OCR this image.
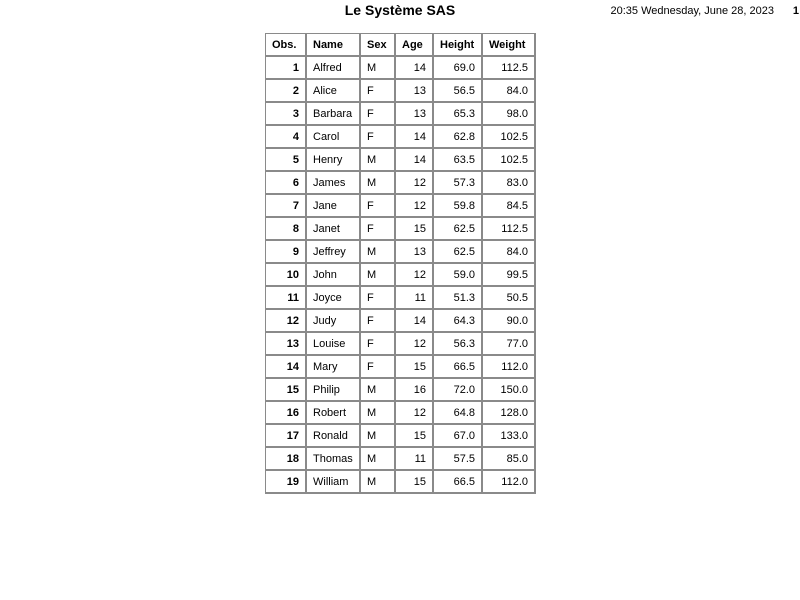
Le Système SAS	20:35 Wednesday, June 28, 2023 1
Obs.	Name	Sex	Age	Height	Weight
1	Alfred	M	14	69.0	112.5
2	Alice	F	13	56.5	84.0
3	Barbara	F	13	65.3	98.0
4	Carol	F	14	62.8	102.5
5	Henry	M	14	63.5	102.5
6	James	M	12	57.3	83.0
7	Jane	F	12	59.8	84.5
8	Janet	F	15	62.5	112.5
9	Jeffrey	M	13	62.5	84.0
10	John	M	12	59.0	99.5
11	Joyce	F	11	51.3	50.5
12	Judy	F	14	64.3	90.0
13	Louise	F	12	56.3	77.0
14	Mary	F	15	66.5	112.0
15	Philip	M	16	72.0	150.0
16	Robert	M	12	64.8	128.0
17	Ronald	M	15	67.0	133.0
18	Thomas	M	11	57.5	85.0
19	William	M	15	66.5	112.0
